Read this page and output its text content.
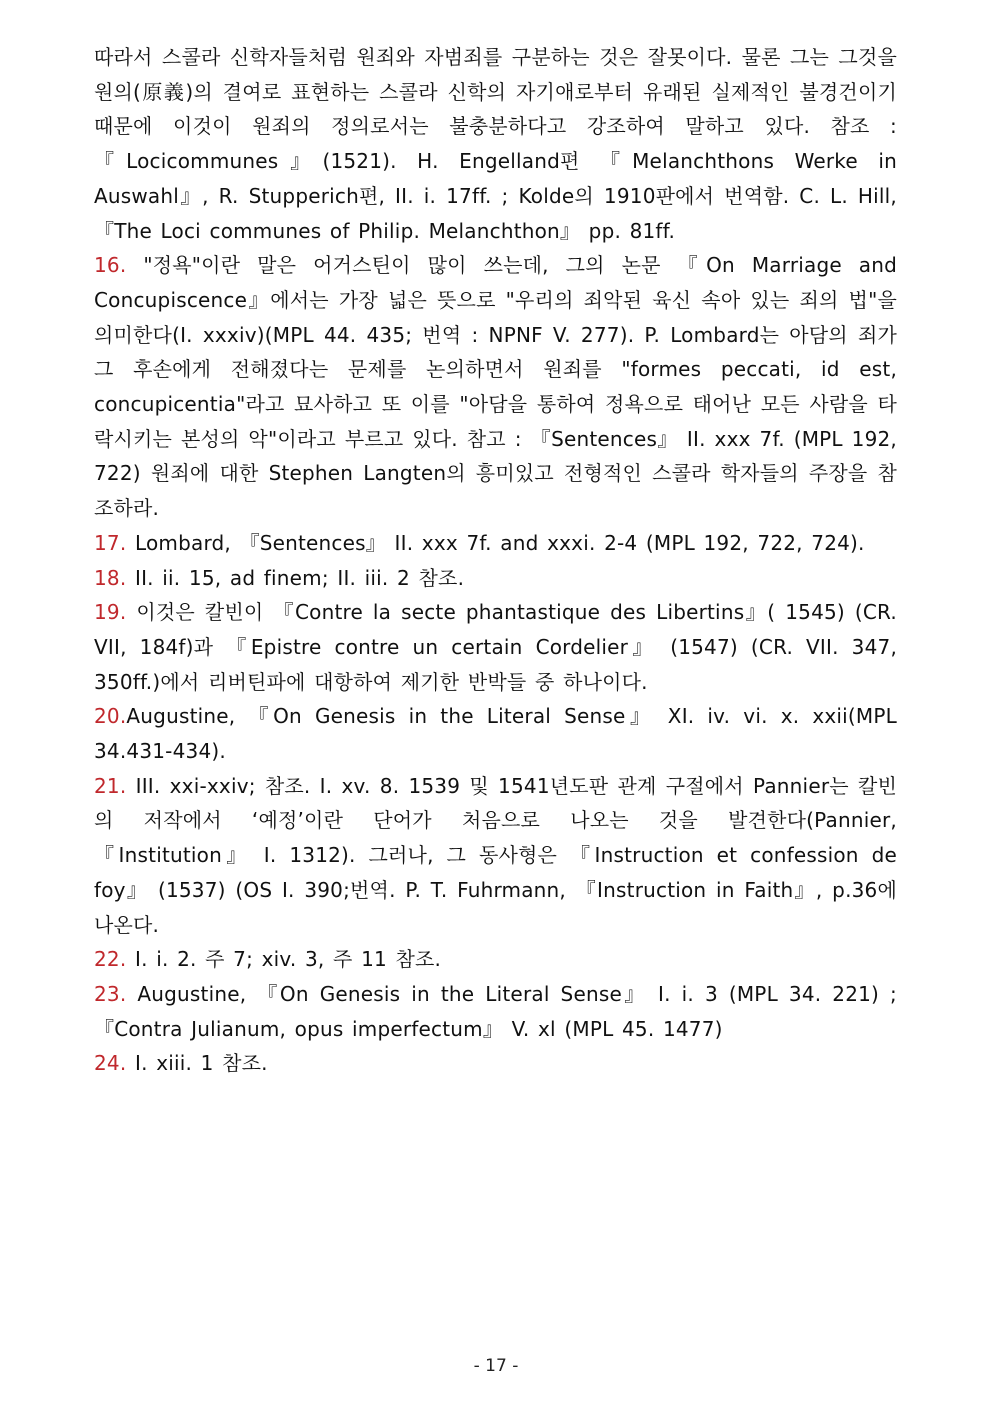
따라서 스콜라 신학자들처럼 원죄와 자범죄를 구분하는 것은 잘못이다. 물론 그는 그것을 원의(原義)의 결여로 표현하는 스콜라 신학의 자기애로부터 유래된 실제적인 불경건이기 때문에 이것이 원죄의 정의로서는 불충분하다고 강조하여 말하고 있다. 참조 : 『Locicommunes』(1521). H. Engelland편 『Melanchthons Werke in Auswahl』, R. Stupperich편, II. i. 17ff. ; Kolde의 1910판에서 번역함. C. L. Hill, 『The Loci communes of Philip. Melanchthon』 pp. 81ff.

16. "정욕"이란 말은 어거스틴이 많이 쓰는데, 그의 논문 『On Marriage and Concupiscence』에서는 가장 넓은 뜻으로 "우리의 죄악된 육신 속아 있는 죄의 법"을 의미한다(I. xxxiv)(MPL 44. 435; 번역 : NPNF V. 277). P. Lombard는 아담의 죄가 그 후손에게 전해졌다는 문제를 논의하면서 원죄를 "formes peccati, id est, concupicentia"라고 묘사하고 또 이를 "아담을 통하여 정욕으로 태어난 모든 사람을 타락시키는 본성의 악"이라고 부르고 있다. 참고 : 『Sentences』 II. xxx 7f. (MPL 192, 722) 원죄에 대한 Stephen Langten의 흥미있고 전형적인 스콜라 학자들의 주장을 참조하라.

17. Lombard, 『Sentences』 II. xxx 7f. and xxxi. 2-4 (MPL 192, 722, 724).

18. II. ii. 15, ad finem; II. iii. 2 참조.

19. 이것은 칼빈이 『Contre la secte phantastique des Libertins』( 1545) (CR. VII, 184f)과 『Epistre contre un certain Cordelier』 (1547) (CR. VII. 347, 350ff.)에서 리버틴파에 대항하여 제기한 반박들 중 하나이다.

20.Augustine, 『On Genesis in the Literal Sense』 XI. iv. vi. x. xxii(MPL 34.431-434).

21. III. xxi-xxiv; 참조. I. xv. 8. 1539 및 1541년도판 관계 구절에서 Pannier는 칼빈의 저작에서 ‘예정’이란 단어가 처음으로 나오는 것을 발견한다(Pannier, 『Institution』 I. 1312). 그러나, 그 동사형은 『Instruction et confession de foy』 (1537) (OS I. 390;번역. P. T. Fuhrmann, 『Instruction in Faith』, p.36에 나온다.

22. I. i. 2. 주 7; xiv. 3, 주 11 참조.

23. Augustine, 『On Genesis in the Literal Sense』 I. i. 3 (MPL 34. 221) ; 『Contra Julianum, opus imperfectum』 V. xl (MPL 45. 1477)

24. I. xiii. 1 참조.

- 17 -
